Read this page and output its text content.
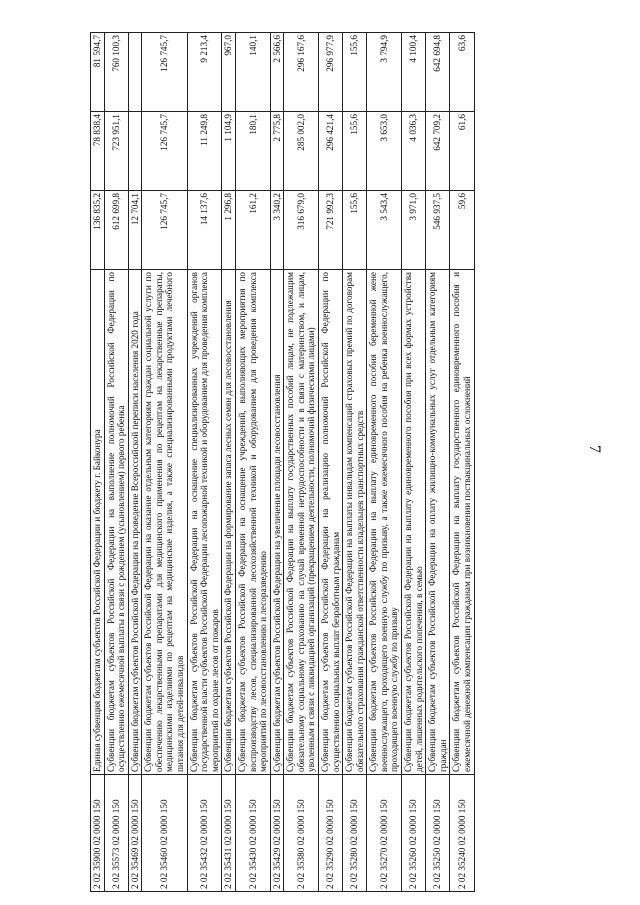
7
2 02 35900 02 0000 150	Единая субвенция бюджетам субъектов Российской Федерации и бюджету г. Байконура	136 835,2	78 838,4	81 594,7
2 02 35573 02 0000 150	Субвенции бюджетам субъектов Российской Федерации на выполнение полномочий Российской Федерации по осуществлению ежемесячной выплаты в связи с рождением (усыновлением) первого ребенка	612 699,8	723 951,1	760 100,3
2 02 35469 02 0000 150	Субвенции бюджетам субъектов Российской Федерации на проведение Всероссийской переписи населения 2020 года	12 704,1		
2 02 35460 02 0000 150	Субвенции бюджетам субъектов Российской Федерации на оказание отдельным категориям граждан социальной услуги по обеспечению лекарственными препаратами для медицинского применения по рецептам на лекарственные препараты, медицинскими изделиями по рецептам на медицинские изделия, а также специализированными продуктами лечебного питания для детей-инвалидов	126 745,7	126 745,7	126 745,7
2 02 35432 02 0000 150	Субвенции бюджетам субъектов Российской Федерации на оснащение специализированных учреждений органов государственной власти субъектов Российской Федерации лесопожарной техникой и оборудованием для проведения комплекса мероприятий по охране лесов от пожаров	14 137,6	11 249,8	9 213,4
2 02 35431 02 0000 150	Субвенции бюджетам субъектов Российской Федерации на формирование запаса лесных семян для лесовосстановления	1 296,8	1 104,9	967,0
2 02 35430 02 0000 150	Субвенции бюджетам субъектов Российской Федерации на оснащение учреждений, выполняющих мероприятия по воспроизводству лесов, специализированной лесохозяйственной техникой и оборудованием для проведения комплекса мероприятий по лесовосстановлению и лесоразведению	161,2	180,1	140,1
2 02 35429 02 0000 150	Субвенции бюджетам субъектов Российской Федерации на увеличение площади лесовосстановления	3 340,2	2 775,8	2 566,6
2 02 35380 02 0000 150	Субвенции бюджетам субъектов Российской Федерации на выплату государственных пособий лицам, не подлежащим обязательному социальному страхованию на случай временной нетрудоспособности и в связи с материнством, и лицам, уволенным в связи с ликвидацией организаций (прекращением деятельности, полномочий физическими лицами)	316 679,0	285 002,0	296 167,6
2 02 35290 02 0000 150	Субвенции бюджетам субъектов Российской Федерации на реализацию полномочий Российской Федерации по осуществлению социальных выплат безработным гражданам	721 992,3	296 421,4	296 977,9
2 02 35280 02 0000 150	Субвенции бюджетам субъектов Российской Федерации на выплаты инвалидам компенсаций страховых премий по договорам обязательного страхования гражданской ответственности владельцев транспортных средств	155,6	155,6	155,6
2 02 35270 02 0000 150	Субвенции бюджетам субъектов Российской Федерации на выплату единовременного пособия беременной жене военнослужащего, проходящего военную службу по призыву, а также ежемесячного пособия на ребенка военнослужащего, проходящего военную службу по призыву	3 543,4	3 653,0	3 794,9
2 02 35260 02 0000 150	Субвенции бюджетам субъектов Российской Федерации на выплату единовременного пособия при всех формах устройства детей, лишенных родительского попечения, в семью	3 971,0	4 036,3	4 100,4
2 02 35250 02 0000 150	Субвенции бюджетам субъектов Российской Федерации на оплату жилищно-коммунальных услуг отдельным категориям граждан	546 937,5	642 709,2	642 694,8
2 02 35240 02 0000 150	Субвенции бюджетам субъектов Российской Федерации на выплату государственного единовременного пособия и ежемесячной денежной компенсации гражданам при возникновении поствакцинальных осложнений	59,6	61,6	63,6
